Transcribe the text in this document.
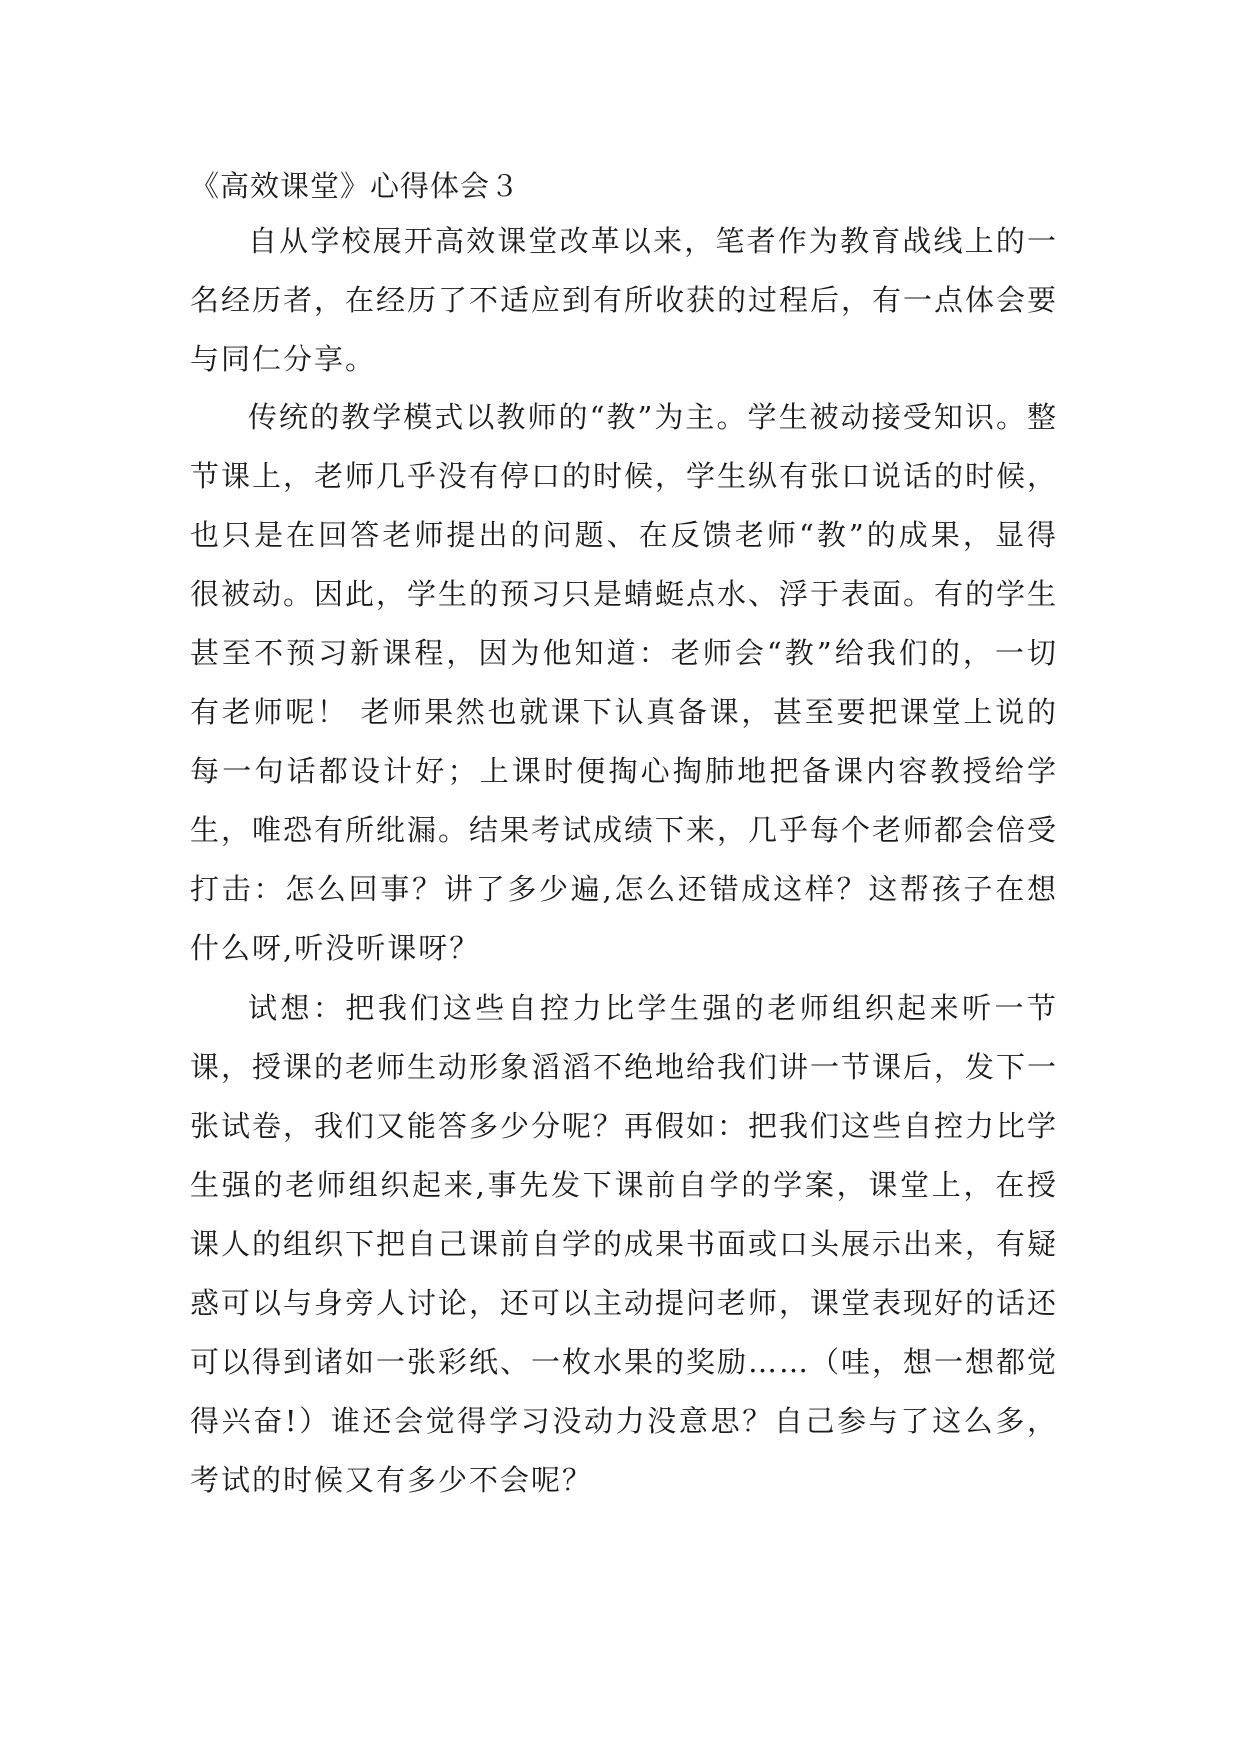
《高效课堂》心得体会３

自从学校展开高效课堂改革以来，笔者作为教育战线上的一名经历者，在经历了不适应到有所收获的过程后，有一点体会要与同仁分享。

传统的教学模式以教师的“教”为主。学生被动接受知识。整节课上，老师几乎没有停口的时候，学生纵有张口说话的时候，也只是在回答老师提出的问题、在反馈老师“教”的成果，显得很被动。因此，学生的预习只是蜻蜓点水、浮于表面。有的学生甚至不预习新课程，因为他知道：老师会“教”给我们的，一切有老师呢！ 老师果然也就课下认真备课，甚至要把课堂上说的每一句话都设计好；上课时便掏心掏肺地把备课内容教授给学生，唯恐有所纰漏。结果考试成绩下来，几乎每个老师都会倍受打击：怎么回事？讲了多少遍,怎么还错成这样？这帮孩子在想什么呀,听没听课呀？

试想：把我们这些自控力比学生强的老师组织起来听一节课，授课的老师生动形象滔滔不绝地给我们讲一节课后，发下一张试卷，我们又能答多少分呢？再假如：把我们这些自控力比学生强的老师组织起来,事先发下课前自学的学案，课堂上，在授课人的组织下把自己课前自学的成果书面或口头展示出来，有疑惑可以与身旁人讨论，还可以主动提问老师，课堂表现好的话还可以得到诸如一张彩纸、一枚水果的奖励……（哇，想一想都觉得兴奋!）谁还会觉得学习没动力没意思？自己参与了这么多，考试的时候又有多少不会呢？
